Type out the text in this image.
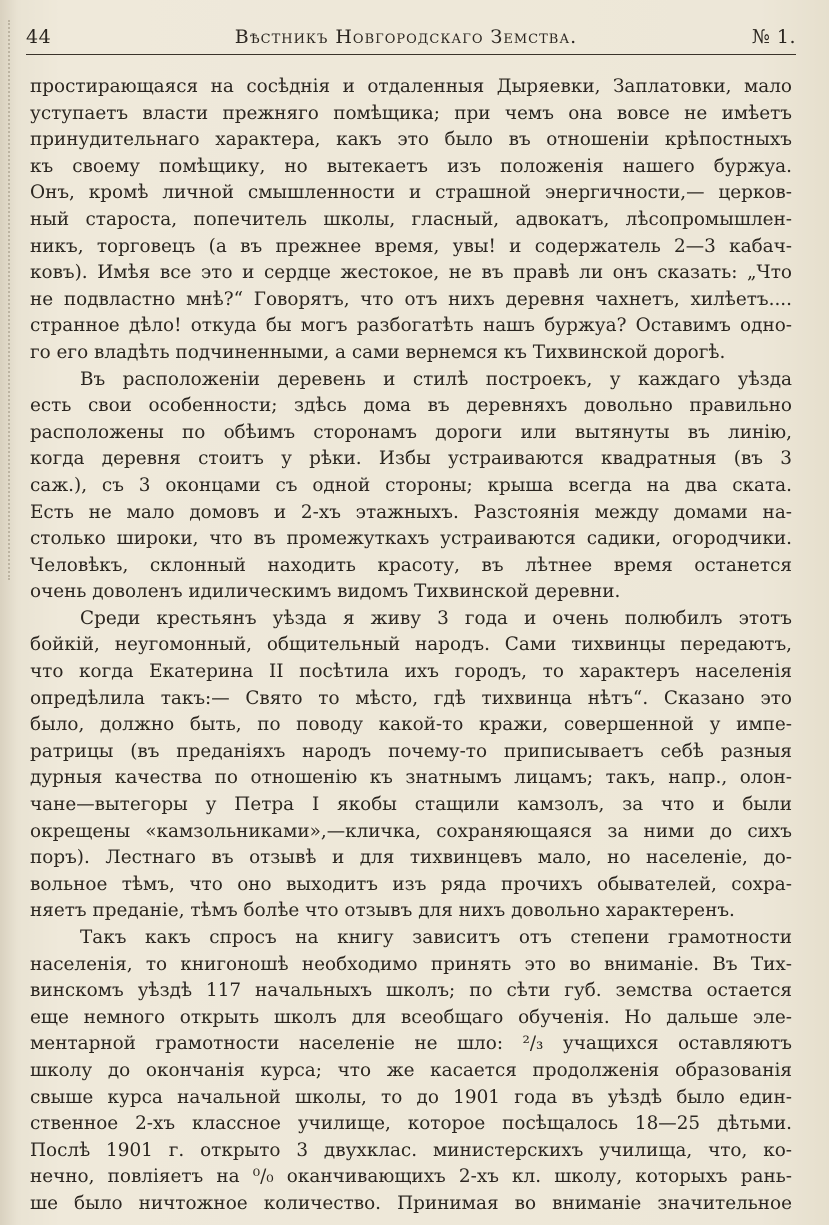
44	Вѣстникъ Новгородскаго Земства.	№ 1.
простирающаяся на сосѣднія и отдаленныя Дыряевки, Заплатовки, мало
уступаетъ власти прежняго помѣщика; при чемъ она вовсе не имѣетъ
принудительнаго характера, какъ это было въ отношеніи крѣпостныхъ
къ своему помѣщику, но вытекаетъ изъ положенія нашего буржуа.
Онъ, кромѣ личной смышленности и страшной энергичности,— церков-
ный староста, попечитель школы, гласный, адвокатъ, лѣсопромышлен-
никъ, торговецъ (а въ прежнее время, увы! и содержатель 2—3 кабач-
ковъ). Имѣя все это и сердце жестокое, не въ правѣ ли онъ сказать: „Что
не подвластно мнѣ?“ Говорятъ, что отъ нихъ деревня чахнетъ, хилѣетъ....
странное дѣло! откуда бы могъ разбогатѣть нашъ буржуа? Оставимъ одно-
го его владѣть подчиненными, а сами вернемся къ Тихвинской дорогѣ.
Въ расположеніи деревень и стилѣ построекъ, у каждаго уѣзда
есть свои особенности; здѣсь дома въ деревняхъ довольно правильно
расположены по обѣимъ сторонамъ дороги или вытянуты въ линію,
когда деревня стоитъ у рѣки. Избы устраиваются квадратныя (въ 3
саж.), съ 3 оконцами съ одной стороны; крыша всегда на два ската.
Есть не мало домовъ и 2-хъ этажныхъ. Разстоянія между домами на-
столько широки, что въ промежуткахъ устраиваются садики, огородчики.
Человѣкъ, склонный находить красоту, въ лѣтнее время останется
очень доволенъ идилическимъ видомъ Тихвинской деревни.
Среди крестьянъ уѣзда я живу 3 года и очень полюбилъ этотъ
бойкій, неугомонный, общительный народъ. Сами тихвинцы передаютъ,
что когда Екатерина II посѣтила ихъ городъ, то характеръ населенія
опредѣлила такъ:— Свято то мѣсто, гдѣ тихвинца нѣтъ“. Сказано это
было, должно быть, по поводу какой-то кражи, совершенной у импе-
ратрицы (въ преданіяхъ народъ почему-то приписываетъ себѣ разныя
дурныя качества по отношенію къ знатнымъ лицамъ; такъ, напр., олон-
чане—вытегоры у Петра I якобы стащили камзолъ, за что и были
окрещены «камзольниками»,—кличка, сохраняющаяся за ними до сихъ
поръ). Лестнаго въ отзывѣ и для тихвинцевъ мало, но населеніе, до-
вольное тѣмъ, что оно выходитъ изъ ряда прочихъ обывателей, сохра-
няетъ преданіе, тѣмъ болѣе что отзывъ для нихъ довольно характеренъ.
Такъ какъ спросъ на книгу зависитъ отъ степени грамотности
населенія, то книгоношѣ необходимо принять это во вниманіе. Въ Тих-
винскомъ уѣздѣ 117 начальныхъ школъ; по сѣти губ. земства остается
еще немного открыть школъ для всеобщаго обученія. Но дальше эле-
ментарной грамотности населеніе не шло: ²/₃ учащихся оставляютъ
школу до окончанія курса; что же касается продолженія образованія
свыше курса начальной школы, то до 1901 года въ уѣздѣ было един-
ственное 2-хъ классное училище, которое посѣщалось 18—25 дѣтьми.
Послѣ 1901 г. открыто 3 двухклас. министерскихъ училища, что, ко-
нечно, повліяетъ на ⁰/₀ оканчивающихъ 2-хъ кл. школу, которыхъ рань-
ше было ничтожное количество. Принимая во вниманіе значительное
